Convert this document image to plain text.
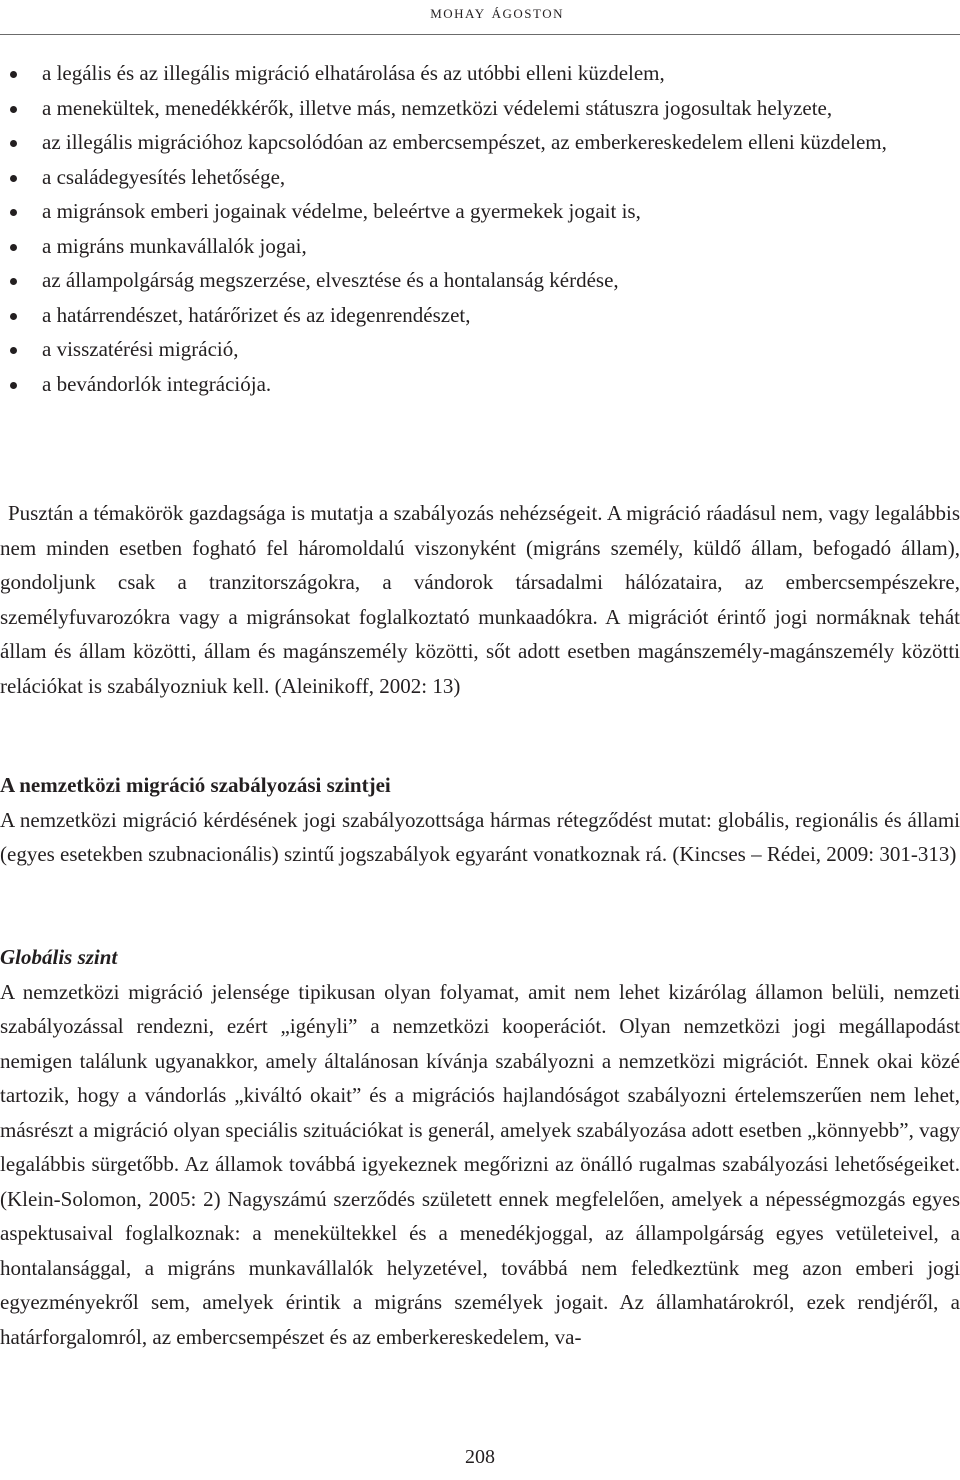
mohay ágoston
a legális és az illegális migráció elhatárolása és az utóbbi elleni küzdelem,
a menekültek, menedékkérők, illetve más, nemzetközi védelemi státuszra jogosultak helyzete,
az illegális migrációhoz kapcsolódóan az embercsempészet, az emberkereskedelem elleni küzdelem,
a családegyesítés lehetősége,
a migránsok emberi jogainak védelme, beleértve a gyermekek jogait is,
a migráns munkavállalók jogai,
az állampolgárság megszerzése, elvesztése és a hontalanság kérdése,
a határrendészet, határőrizet és az idegenrendészet,
a visszatérési migráció,
a bevándorlók integrációja.

Pusztán a témakörök gazdagsága is mutatja a szabályozás nehézségeit. A migráció ráadásul nem, vagy legalábbis nem minden esetben fogható fel háromoldalú viszonyként (migráns személy, küldő állam, befogadó állam), gondoljunk csak a tranzitországokra, a vándorok társadalmi hálózataira, az embercsempészekre, személyfuvarozókra vagy a migránsokat foglalkoztató munkaadókra. A migrációt érintő jogi normáknak tehát állam és állam közötti, állam és magánszemély közötti, sőt adott esetben magánszemély-magánszemély közötti relációkat is szabályozniuk kell. (Aleinikoff, 2002: 13)

A nemzetközi migráció szabályozási szintjei

A nemzetközi migráció kérdésének jogi szabályozottsága hármas rétegződést mutat: globális, regionális és állami (egyes esetekben szubnacionális) szintű jogszabályok egyaránt vonatkoznak rá. (Kincses – Rédei, 2009: 301-313)

Globális szint

A nemzetközi migráció jelensége tipikusan olyan folyamat, amit nem lehet kizárólag államon belüli, nemzeti szabályozással rendezni, ezért „igényli” a nemzetközi kooperációt. Olyan nemzetközi jogi megállapodást nemigen találunk ugyanakkor, amely általánosan kívánja szabályozni a nemzetközi migrációt. Ennek okai közé tartozik, hogy a vándorlás „kiváltó okait” és a migrációs hajlandóságot szabályozni értelemszerűen nem lehet, másrészt a migráció olyan speciális szituációkat is generál, amelyek szabályozása adott esetben „könnyebb”, vagy legalábbis sürgetőbb. Az államok továbbá igyekeznek megőrizni az önálló rugalmas szabályozási lehetőségeiket. (Klein-Solomon, 2005: 2) Nagyszámú szerződés született ennek megfelelően, amelyek a népességmozgás egyes aspektusaival foglalkoznak: a menekültekkel és a menedékjoggal, az állampolgárság egyes vetületeivel, a hontalansággal, a migráns munkavállalók helyzetével, továbbá nem feledkeztünk meg azon emberi jogi egyezményekről sem, amelyek érintik a migráns személyek jogait. Az államhatárokról, ezek rendjéről, a határforgalomról, az embercsempészet és az emberkereskedelem, va-

208
